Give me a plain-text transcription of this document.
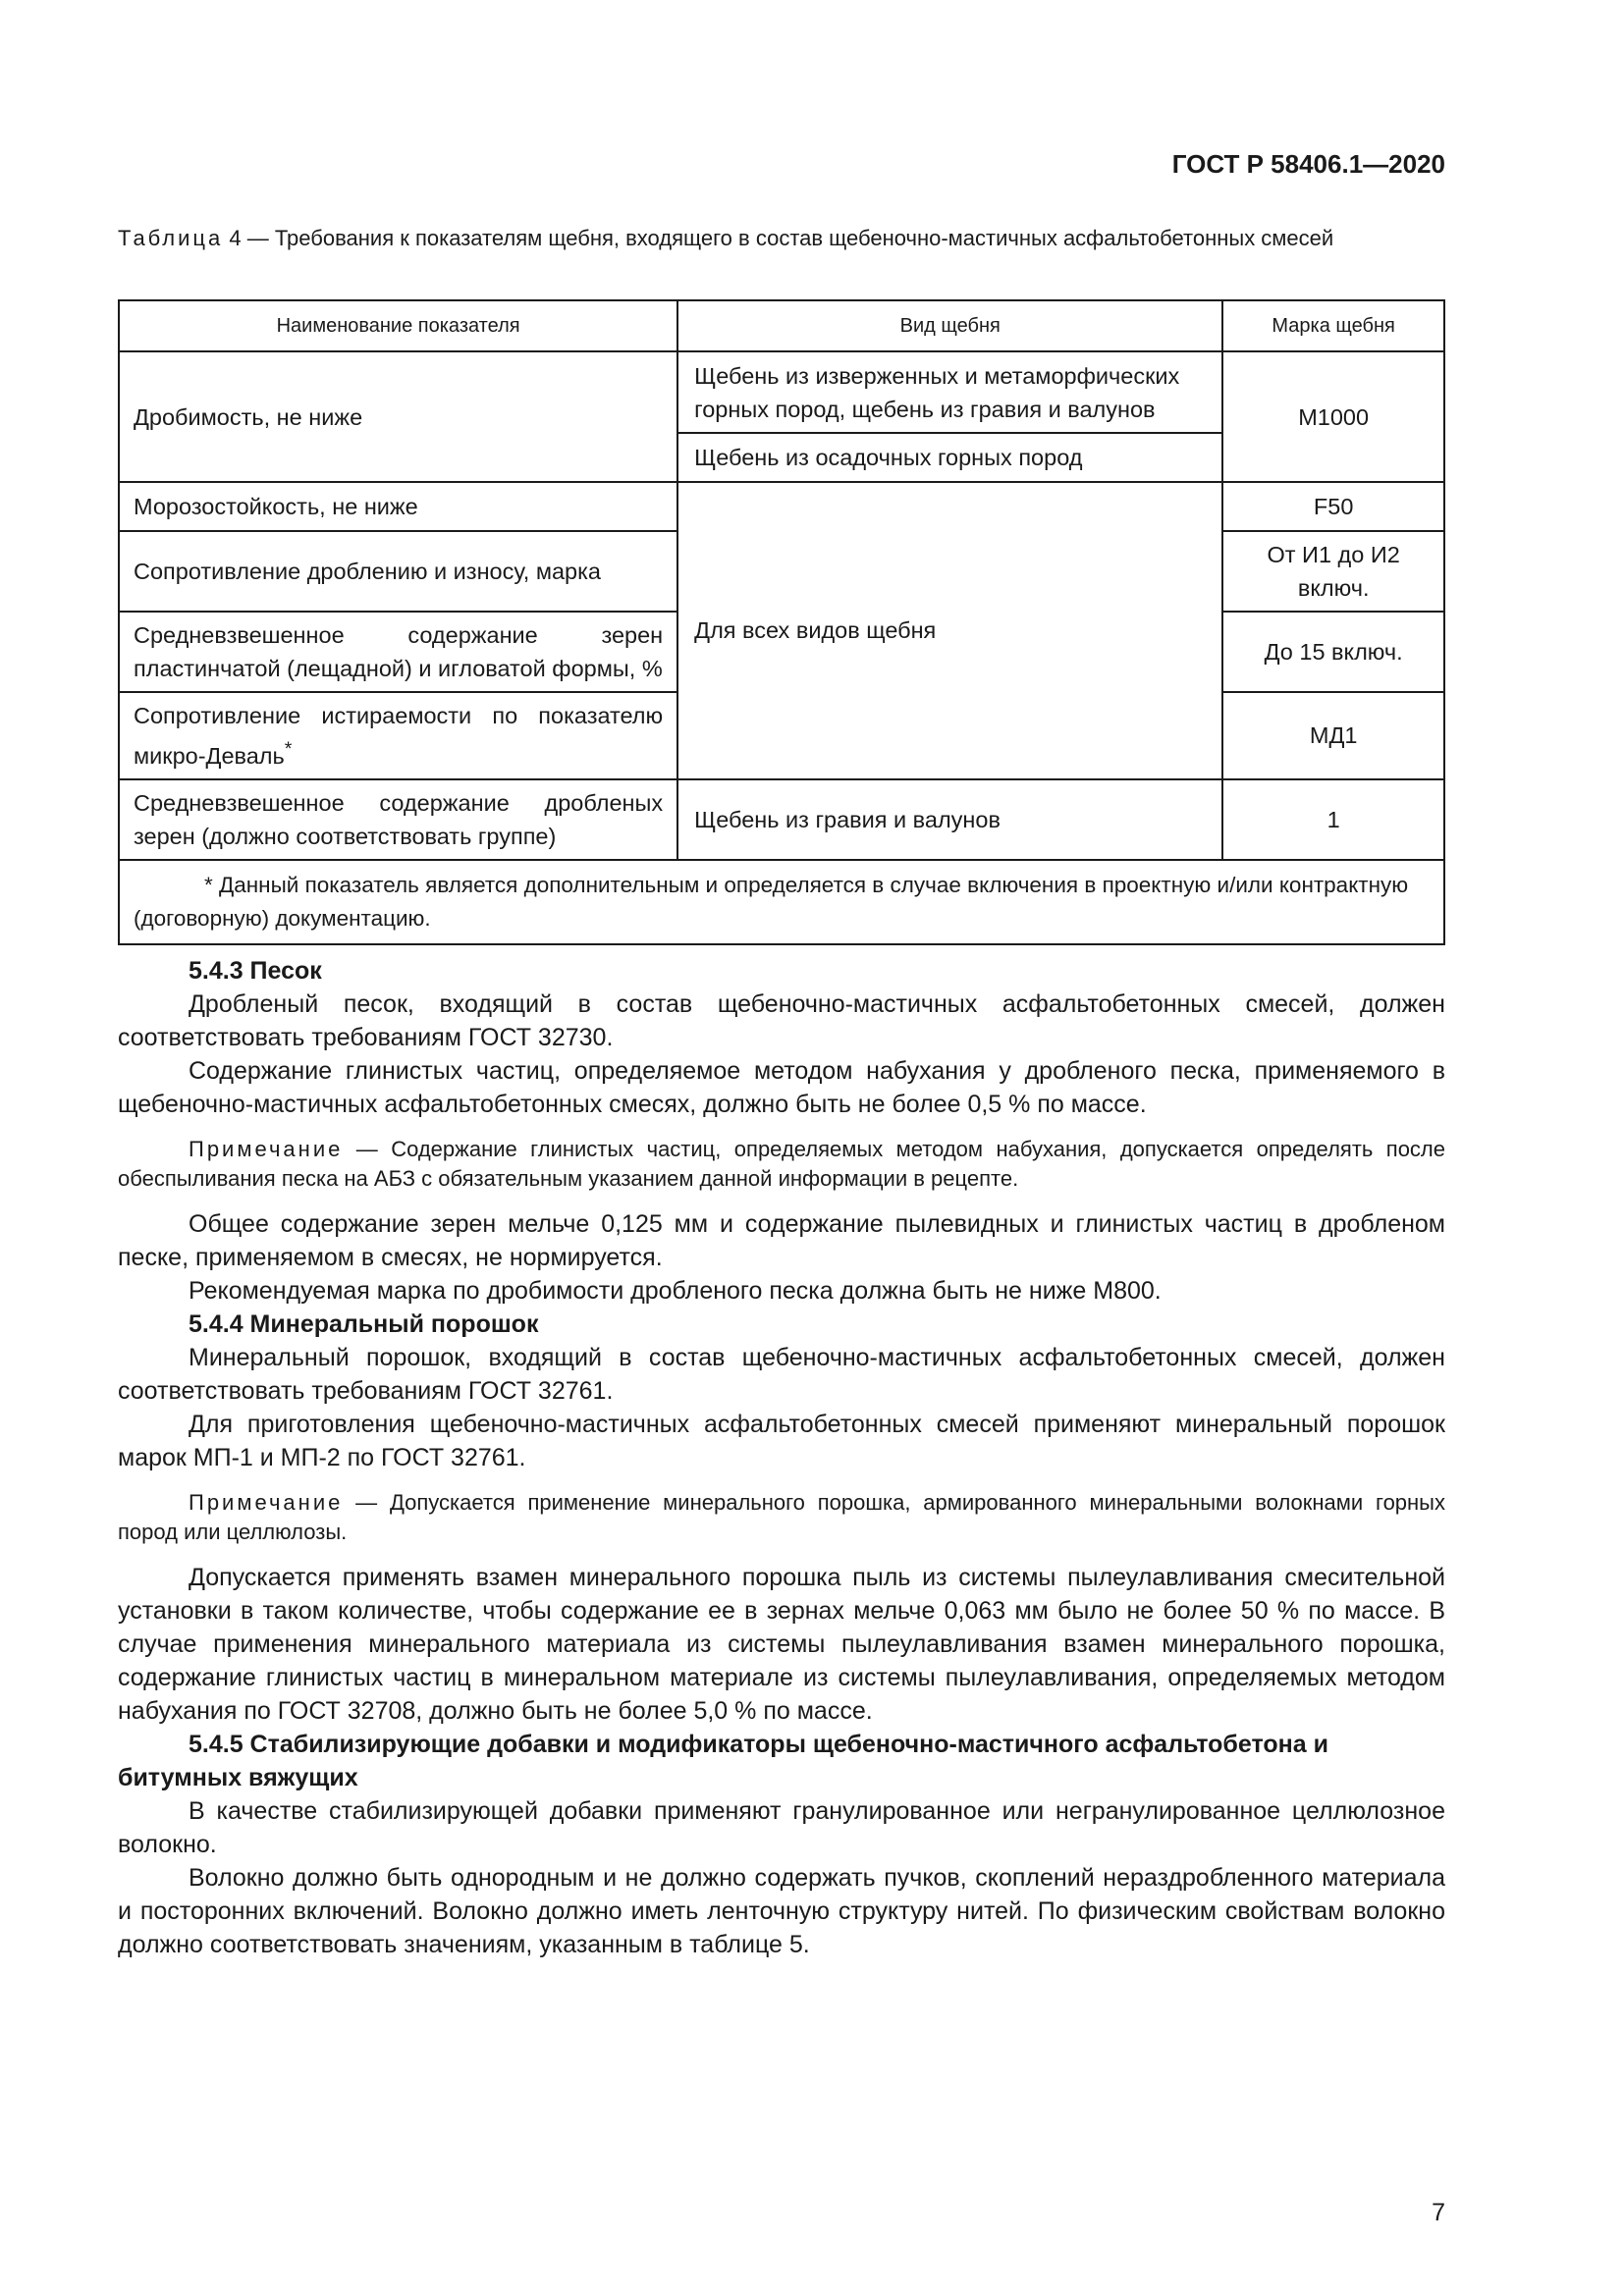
ГОСТ Р 58406.1—2020
Таблица 4 — Требования к показателям щебня, входящего в состав щебеночно-мастичных асфальтобетонных смесей
Наименование показателя	Вид щебня	Марка щебня
Дробимость, не ниже	Щебень из изверженных и метаморфических горных пород, щебень из гравия и валунов	М1000
	Щебень из осадочных горных пород	
Морозостойкость, не ниже	Для всех видов щебня	F50
Сопротивление дроблению и износу, марка		От И1 до И2 включ.
Средневзвешенное содержание зерен пластинчатой (лещадной) и игловатой формы, %		До 15 включ.
Сопротивление истираемости по показателю микро-Деваль*		МД1
Средневзвешенное содержание дробленых зерен (должно соответствовать группе)	Щебень из гравия и валунов	1
* Данный показатель является дополнительным и определяется в случае включения в проектную и/или контрактную (договорную) документацию.		
5.4.3 Песок

Дробленый песок, входящий в состав щебеночно-мастичных асфальтобетонных смесей, должен соответствовать требованиям ГОСТ 32730.

Содержание глинистых частиц, определяемое методом набухания у дробленого песка, применяемого в щебеночно-мастичных асфальтобетонных смесях, должно быть не более 0,5 % по массе.

Примечание — Содержание глинистых частиц, определяемых методом набухания, допускается определять после обеспыливания песка на АБЗ с обязательным указанием данной информации в рецепте.

Общее содержание зерен мельче 0,125 мм и содержание пылевидных и глинистых частиц в дробленом песке, применяемом в смесях, не нормируется.

Рекомендуемая марка по дробимости дробленого песка должна быть не ниже М800.

5.4.4 Минеральный порошок

Минеральный порошок, входящий в состав щебеночно-мастичных асфальтобетонных смесей, должен соответствовать требованиям ГОСТ 32761.

Для приготовления щебеночно-мастичных асфальтобетонных смесей применяют минеральный порошок марок МП-1 и МП-2 по ГОСТ 32761.

Примечание — Допускается применение минерального порошка, армированного минеральными волокнами горных пород или целлюлозы.

Допускается применять взамен минерального порошка пыль из системы пылеулавливания смесительной установки в таком количестве, чтобы содержание ее в зернах мельче 0,063 мм было не более 50 % по массе. В случае применения минерального материала из системы пылеулавливания взамен минерального порошка, содержание глинистых частиц в минеральном материале из системы пылеулавливания, определяемых методом набухания по ГОСТ 32708, должно быть не более 5,0 % по массе.

5.4.5 Стабилизирующие добавки и модификаторы щебеночно-мастичного асфальтобетона и битумных вяжущих

В качестве стабилизирующей добавки применяют гранулированное или негранулированное целлюлозное волокно.

Волокно должно быть однородным и не должно содержать пучков, скоплений нераздробленного материала и посторонних включений. Волокно должно иметь ленточную структуру нитей. По физическим свойствам волокно должно соответствовать значениям, указанным в таблице 5.

7
